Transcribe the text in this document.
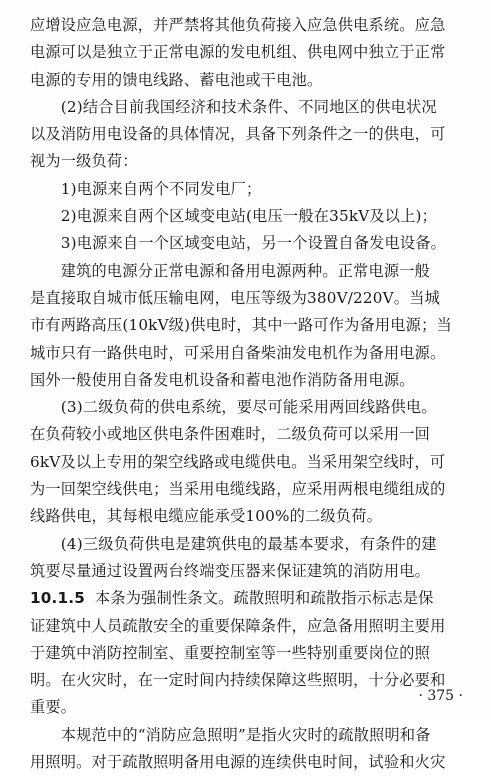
应增设应急电源，并严禁将其他负荷接入应急供电系统。应急
电源可以是独立于正常电源的发电机组、供电网中独立于正常
电源的专用的馈电线路、蓄电池或干电池。
　　(2)结合目前我国经济和技术条件、不同地区的供电状况
以及消防用电设备的具体情况，具备下列条件之一的供电，可
视为一级负荷：
　　1)电源来自两个不同发电厂；
　　2)电源来自两个区域变电站(电压一般在35kV及以上)；
　　3)电源来自一个区域变电站，另一个设置自备发电设备。
　　建筑的电源分正常电源和备用电源两种。正常电源一般
是直接取自城市低压输电网，电压等级为380V/220V。当城
市有两路高压(10kV级)供电时，其中一路可作为备用电源；当
城市只有一路供电时，可采用自备柴油发电机作为备用电源。
国外一般使用自备发电机设备和蓄电池作消防备用电源。
　　(3)二级负荷的供电系统，要尽可能采用两回线路供电。
在负荷较小或地区供电条件困难时，二级负荷可以采用一回
6kV及以上专用的架空线路或电缆供电。当采用架空线时，可
为一回架空线供电；当采用电缆线路，应采用两根电缆组成的
线路供电，其每根电缆应能承受100%的二级负荷。
　　(4)三级负荷供电是建筑供电的最基本要求，有条件的建
筑要尽量通过设置两台终端变压器来保证建筑的消防用电。
10.1.5 本条为强制性条文。疏散照明和疏散指示标志是保
证建筑中人员疏散安全的重要保障条件，应急备用照明主要用
于建筑中消防控制室、重要控制室等一些特别重要岗位的照
明。在火灾时，在一定时间内持续保障这些照明，十分必要和
重要。
　　本规范中的“消防应急照明”是指火灾时的疏散照明和备
用照明。对于疏散照明备用电源的连续供电时间，试验和火灾
· 375 ·
